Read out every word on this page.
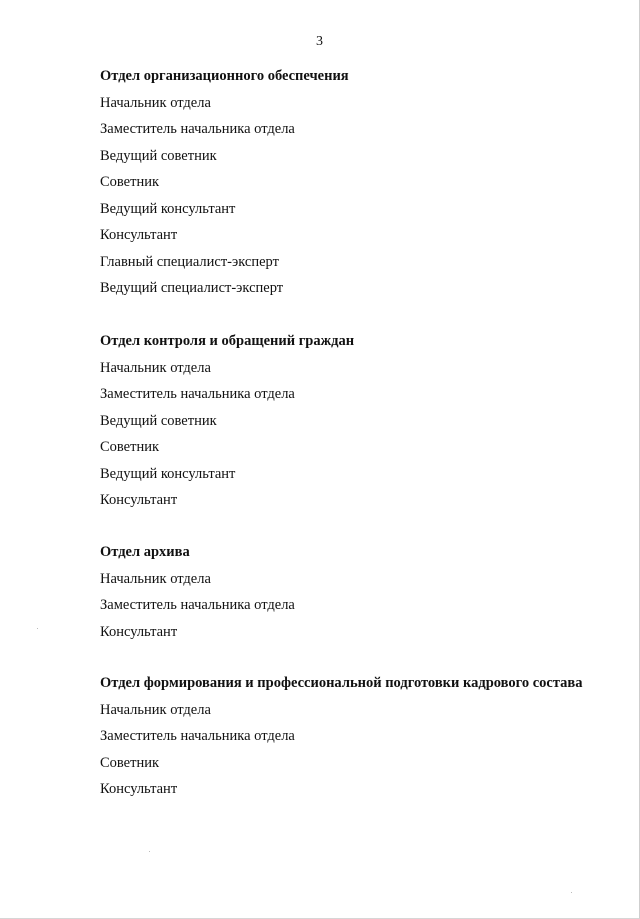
3
Отдел организационного обеспечения
Начальник отдела
Заместитель начальника отдела
Ведущий советник
Советник
Ведущий консультант
Консультант
Главный специалист-эксперт
Ведущий специалист-эксперт
Отдел контроля и обращений граждан
Начальник отдела
Заместитель начальника отдела
Ведущий советник
Советник
Ведущий консультант
Консультант
Отдел архива
Начальник отдела
Заместитель начальника отдела
Консультант
Отдел формирования и профессиональной подготовки кадрового состава
Начальник отдела
Заместитель начальника отдела
Советник
Консультант
